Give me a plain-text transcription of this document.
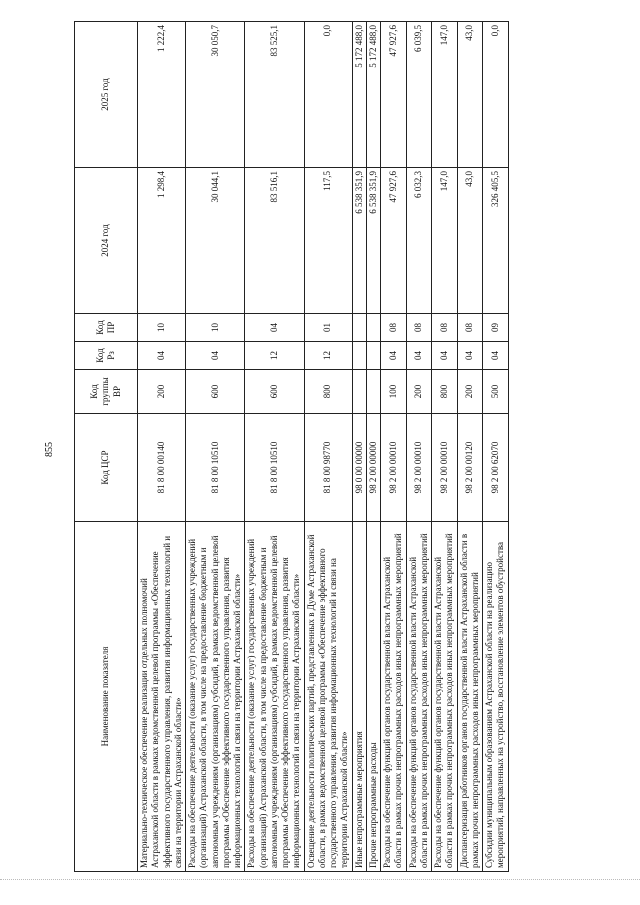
855
Наименование показателя	Код ЦСР	Код группы ВР	Код Рз	Код ПР	2024 год	2025 год
Материально-техническое обеспечение реализации отдельных полномочий Астраханской области в рамках ведомственной целевой программы «Обеспечение эффективного государственного управления, развития информационных технологий и связи на территории Астраханской области»	81 8 00 00140	200	04	10	1 298,4	1 222,4
Расходы на обеспечение деятельности (оказание услуг) государственных учреждений (организаций) Астраханской области, в том числе на предоставление бюджетным и автономным учреждениям (организациям) субсидий, в рамках ведомственной целевой программы «Обеспечение эффективного государственного управления, развития информационных технологий и связи на территории Астраханской области»	81 8 00 10510	600	04	10	30 044,1	30 050,7
Расходы на обеспечение деятельности (оказание услуг) государственных учреждений (организаций) Астраханской области, в том числе на предоставление бюджетным и автономным учреждениям (организациям) субсидий, в рамках ведомственной целевой программы «Обеспечение эффективного государственного управления, развития информационных технологий и связи на территории Астраханской области»	81 8 00 10510	600	12	04	83 516,1	83 525,1
Освещение деятельности политических партий, представленных в Думе Астраханской области, в рамках ведомственной целевой программы «Обеспечение эффективного государственного управления, развития информационных технологий и связи на территории Астраханской области»	81 8 00 98770	800	12	01	117,5	0,0
Иные непрограммные мероприятия	98 0 00 00000				6 538 351,9	5 172 488,0
Прочие непрограммные расходы	98 2 00 00000				6 538 351,9	5 172 488,0
Расходы на обеспечение функций органов государственной власти Астраханской области в рамках прочих непрограммных расходов иных непрограммных мероприятий	98 2 00 00010	100	04	08	47 927,6	47 927,6
Расходы на обеспечение функций органов государственной власти Астраханской области в рамках прочих непрограммных расходов иных непрограммных мероприятий	98 2 00 00010	200	04	08	6 032,3	6 039,5
Расходы на обеспечение функций органов государственной власти Астраханской области в рамках прочих непрограммных расходов иных непрограммных мероприятий	98 2 00 00010	800	04	08	147,0	147,0
Диспансеризация работников органов государственной власти Астраханской области в рамках прочих непрограммных расходов иных непрограммных мероприятий	98 2 00 00120	200	04	08	43,0	43,0
Субсидии муниципальным образованиям Астраханской области на реализацию мероприятий, направленных на устройство, восстановление элементов обустройства	98 2 00 62070	500	04	09	326 405,5	0,0
